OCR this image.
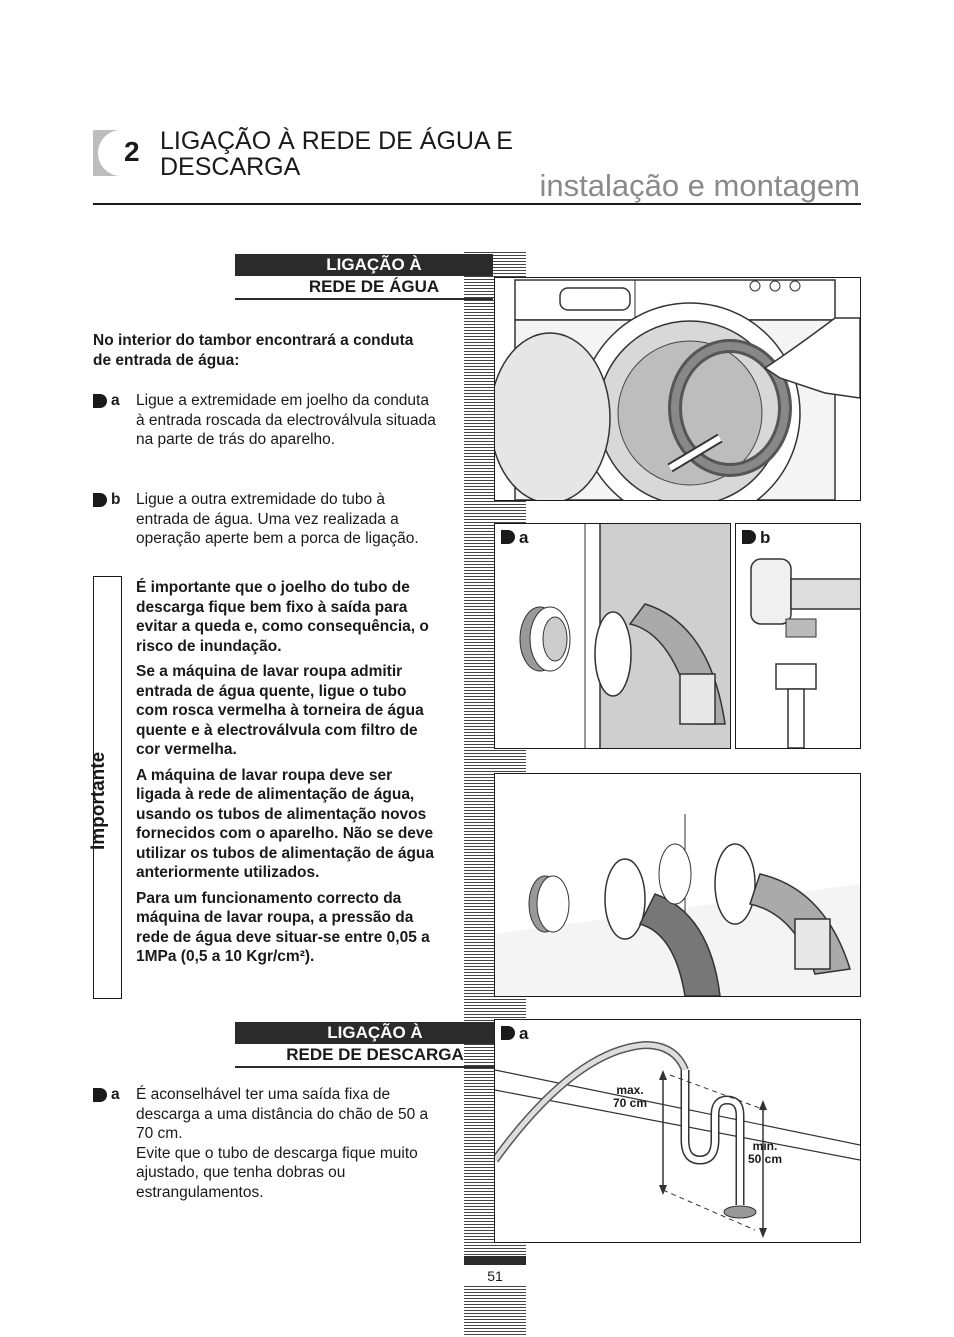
2 LIGAÇÃO À REDE DE ÁGUA E
DESCARGA
instalação e montagem
LIGAÇÃO À
REDE DE ÁGUA
No interior do tambor encontrará a conduta de entrada de água:
a Ligue a extremidade em joelho da conduta à entrada roscada da electroválvula situada na parte de trás do aparelho.
b Ligue a outra extremidade do tubo à entrada de água. Uma vez realizada a operação aperte bem a porca de ligação.
Importante

É importante que o joelho do tubo de descarga fique bem fixo à saída para evitar a queda e, como consequência, o risco de inundação.

Se a máquina de lavar roupa admitir entrada de água quente, ligue o tubo com rosca vermelha à torneira de água quente e à electroválvula com filtro de cor vermelha.

A máquina de lavar roupa deve ser ligada à rede de alimentação de água, usando os tubos de alimentação novos fornecidos com o aparelho. Não se deve utilizar os tubos de alimentação de água anteriormente utilizados.

Para um funcionamento correcto da máquina de lavar roupa, a pressão da rede de água deve situar-se entre 0,05 a 1MPa (0,5 a 10 Kgr/cm²).

a	b
LIGAÇÃO À
REDE DE DESCARGA
a É aconselhável ter uma saída fixa de descarga a uma distância do chão de 50 a 70 cm.
Evite que o tubo de descarga fique muito ajustado, que tenha dobras ou estrangulamentos.
a
max.
70 cm
min.
50 cm
51
